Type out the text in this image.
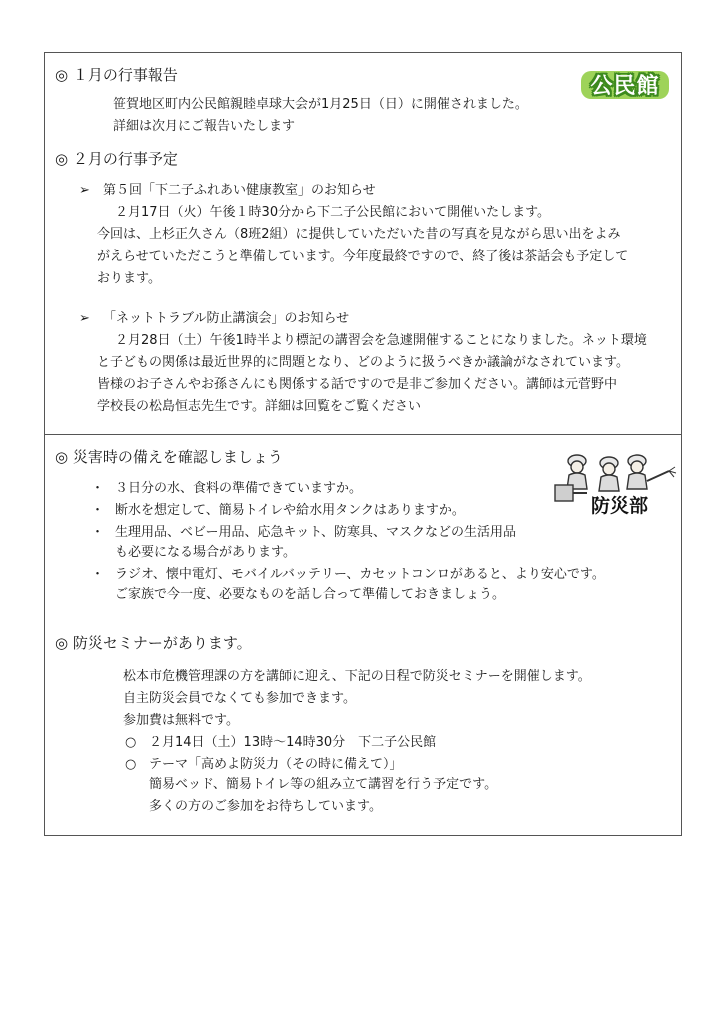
◎ １月の行事報告
笹賀地区町内公民館親睦卓球大会が1月25日（日）に開催されました。
詳細は次月にご報告いたします
公民館
◎ ２月の行事予定
➢ 第５回「下二子ふれあい健康教室」のお知らせ
２月17日（火）午後１時30分から下二子公民館において開催いたします。
今回は、上杉正久さん（8班2組）に提供していただいた昔の写真を見ながら思い出をよみ
がえらせていただこうと準備しています。今年度最終ですので、終了後は茶話会も予定して
おります。
➢ 「ネットトラブル防止講演会」のお知らせ
２月28日（土）午後1時半より標記の講習会を急遽開催することになりました。ネット環境
と子どもの関係は最近世界的に問題となり、どのように扱うべきか議論がなされています。
皆様のお子さんやお孫さんにも関係する話ですので是非ご参加ください。講師は元菅野中
学校長の松島恒志先生です。詳細は回覧をご覧ください
◎ 災害時の備えを確認しましょう
・ ３日分の水、食料の準備できていますか。
・ 断水を想定して、簡易トイレや給水用タンクはありますか。
・ 生理用品、ベビー用品、応急キット、防寒具、マスクなどの生活用品
も必要になる場合があります。
・ ラジオ、懐中電灯、モバイルバッテリー、カセットコンロがあると、より安心です。
ご家族で今一度、必要なものを話し合って準備しておきましょう。
防災部
◎ 防災セミナーがあります。
松本市危機管理課の方を講師に迎え、下記の日程で防災セミナーを開催します。
自主防災会員でなくても参加できます。
参加費は無料です。
○ ２月14日（土）13時～14時30分　下二子公民館
○ テーマ「高めよ防災力（その時に備えて）」
簡易ベッド、簡易トイレ等の組み立て講習を行う予定です。
多くの方のご参加をお待ちしています。
